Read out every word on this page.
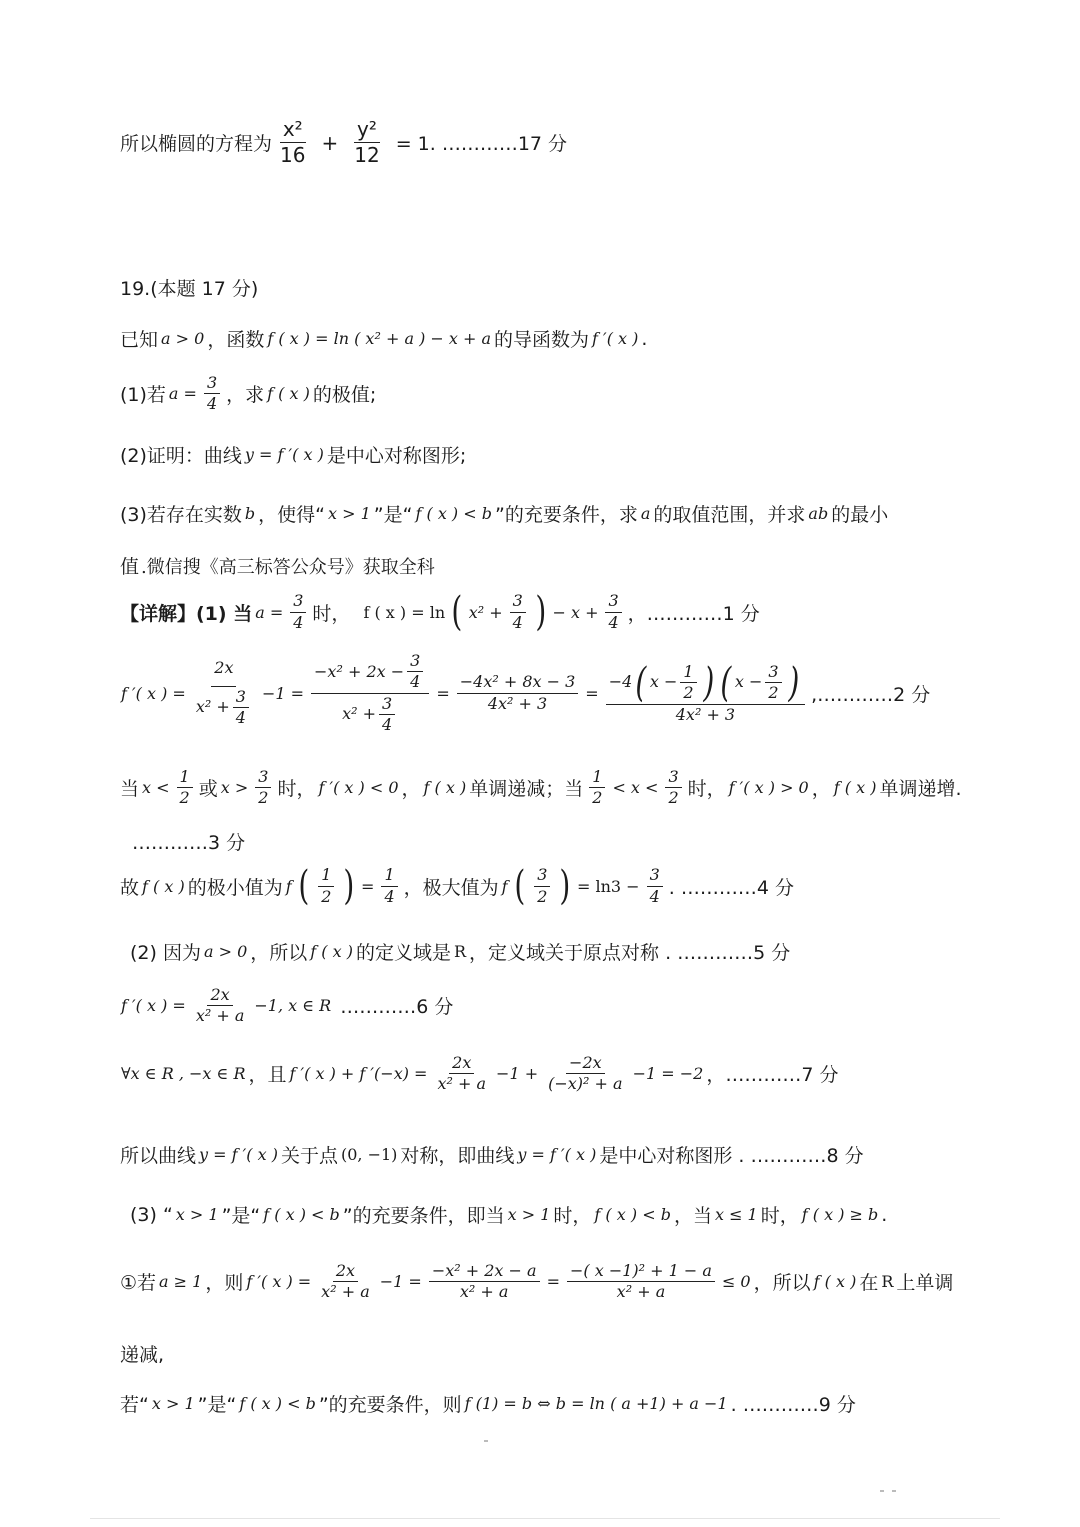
所以椭圆的方程为 $\frac{\text{x²}}{16} + \frac{\text{y²}}{12} = 1$. …………17 分
19.(本题 17 分)
已知 a > 0 ，函数 f ( x ) = ln ( x² + a ) − x + a 的导函数为 f ′( x ) .
(1)若 $a = \frac{3}{4}$ ，求 f ( x ) 的极值;
(2)证明：曲线 y = f ′( x ) 是中心对称图形;
(3)若存在实数 b ，使得“ x > 1 ”是“ f ( x ) < b ”的充要条件，求 a 的取值范围，并求 ab 的最小
值 .微信搜《高三标答公众号》获取全科
【详解】(1) 当 $a = \frac{3}{4}$ 时， f ( x ) = ln ( $x^2 + \frac{3}{4}$ ) − $x + \frac{3}{4}$ ，…………1 分
f ′( x ) = $\frac{2x}{x^2 + \frac{3}{4}} -1 = \frac{-x^2 + 2x - \frac{3}{4}}{x^2 + \frac{3}{4}} = \frac{\text{−4x² + 8x − 3}}{\text{4x² + 3}} = \frac{-4 ( x - \frac{1}{2} ) ( x - \frac{3}{2} )}{\text{4x² + 3}}$ ,…………2 分
当 $x < \frac{1}{2}$ 或 $x > \frac{3}{2}$ 时， f ′( x ) < 0 ， f ( x ) 单调递减；当 $\frac{1}{2} < x < \frac{3}{2}$ 时， f ′( x ) > 0 ， f ( x ) 单调递增.
…………3 分
故 f ( x ) 的极小值为 f ( $\frac{1}{2}$ ) = $\frac{1}{4}$ ，极大值为 f ( $\frac{3}{2}$ ) = $\ln 3 - \frac{3}{4}$ . …………4 分
(2) 因为 a > 0 ，所以 f ( x ) 的定义域是 R ，定义域关于原点对称 . …………5 分
f ′( x ) = $\frac{2x}{\text{x² + a}} -1$, x ∈ R …………6 分
∀x ∈ R , −x ∈ R ，且 f ′( x ) + f $'(-x) = \frac{2x}{\text{x² + a}} -1 + \frac{-2x}{\text{(−x)² + a}} -1 = -2$ ，…………7 分
所以曲线 y = f ′( x ) 关于点 (0, −1) 对称，即曲线 y = f ′( x ) 是中心对称图形 . …………8 分
(3) “ x > 1 ”是“ f ( x ) < b ”的充要条件，即当 x > 1 时， f ( x ) < b ，当 x ≤ 1 时， f ( x ) ≥ b .
①若 a ≥ 1 ，则 f ′( x ) = $\frac{2x}{\text{x² + a}} -1 = \frac{\text{−x² + 2x − a}}{\text{x² + a}} = \frac{\text{−( x −1)² + 1 − a}}{\text{x² + a}} \le 0$ ，所以 f ( x ) 在 R 上单调
递减,
若“ x > 1 ”是“ f ( x ) < b ”的充要条件，则 f (1) = b ⇔ b = ln ( a +1) + a −1 . …………9 分
